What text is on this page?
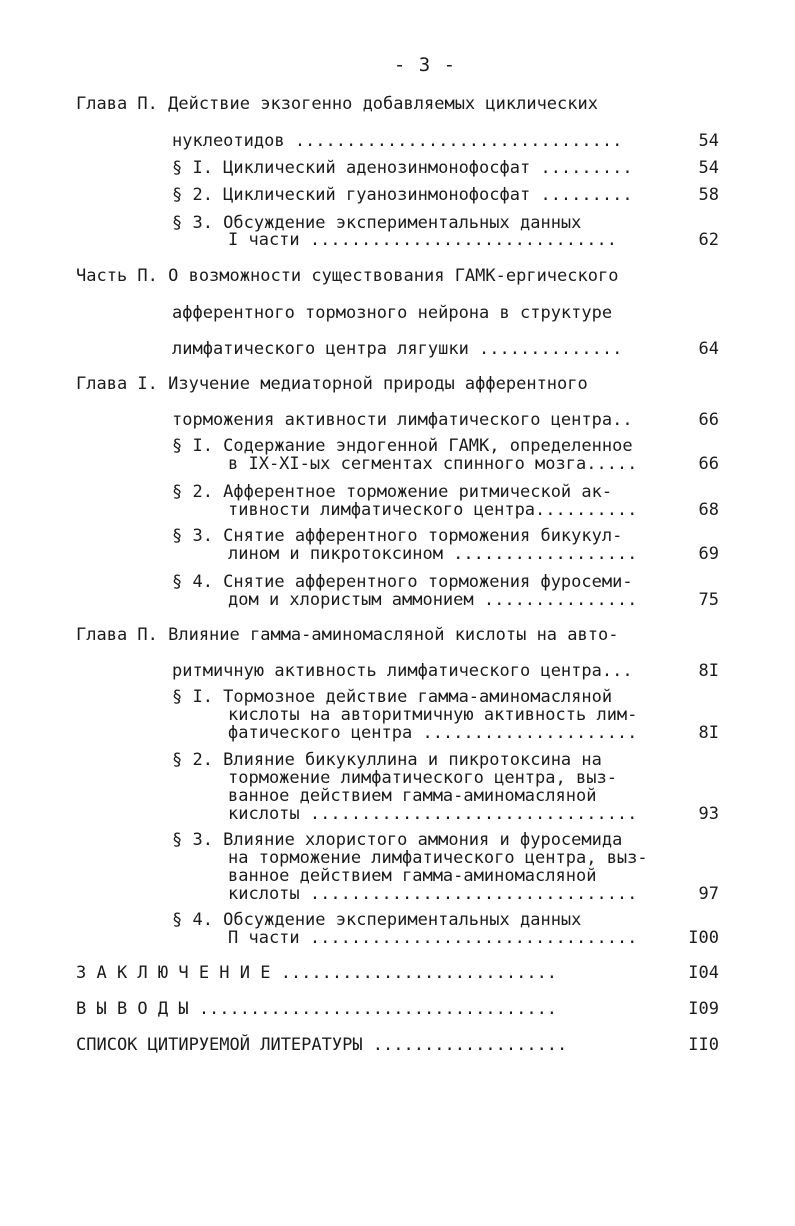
- 3 -
Глава П. Действие экзогенно добавляемых циклических
нуклеотидов ................................	54
§ I. Циклический аденозинмонофосфат .........	54
§ 2. Циклический гуанозинмонофосфат .........	58
§ 3. Обсуждение экспериментальных данных
I части ..............................	62
Часть П. О возможности существования ГАМК-ергического
афферентного тормозного нейрона в структуре
лимфатического центра лягушки ..............	64
Глава I. Изучение медиаторной природы афферентного
торможения активности лимфатического центра..	66
§ I. Содержание эндогенной ГАМК, определенное
в IX-XI-ых сегментах спинного мозга.....	66
§ 2. Афферентное торможение ритмической ак-
тивности лимфатического центра..........	68
§ 3. Снятие афферентного торможения бикукул-
лином и пикротоксином ..................	69
§ 4. Снятие афферентного торможения фуросеми-
дом и хлористым аммонием ...............	75
Глава П. Влияние гамма-аминомасляной кислоты на авто-
ритмичную активность лимфатического центра...	8I
§ I. Тормозное действие гамма-аминомасляной
кислоты на авторитмичную активность лим-
фатического центра .....................	8I
§ 2. Влияние бикукуллина и пикротоксина на
торможение лимфатического центра, выз-
ванное действием гамма-аминомасляной
кислоты ................................	93
§ 3. Влияние хлористого аммония и фуросемида
на торможение лимфатического центра, выз-
ванное действием гамма-аминомасляной
кислоты ................................	97
§ 4. Обсуждение экспериментальных данных
П части ................................	I00
З А К Л Ю Ч Е Н И Е ...........................	I04
В Ы В О Д Ы ...................................	I09
СПИСОК ЦИТИРУЕМОЙ ЛИТЕРАТУРЫ ...................	II0
